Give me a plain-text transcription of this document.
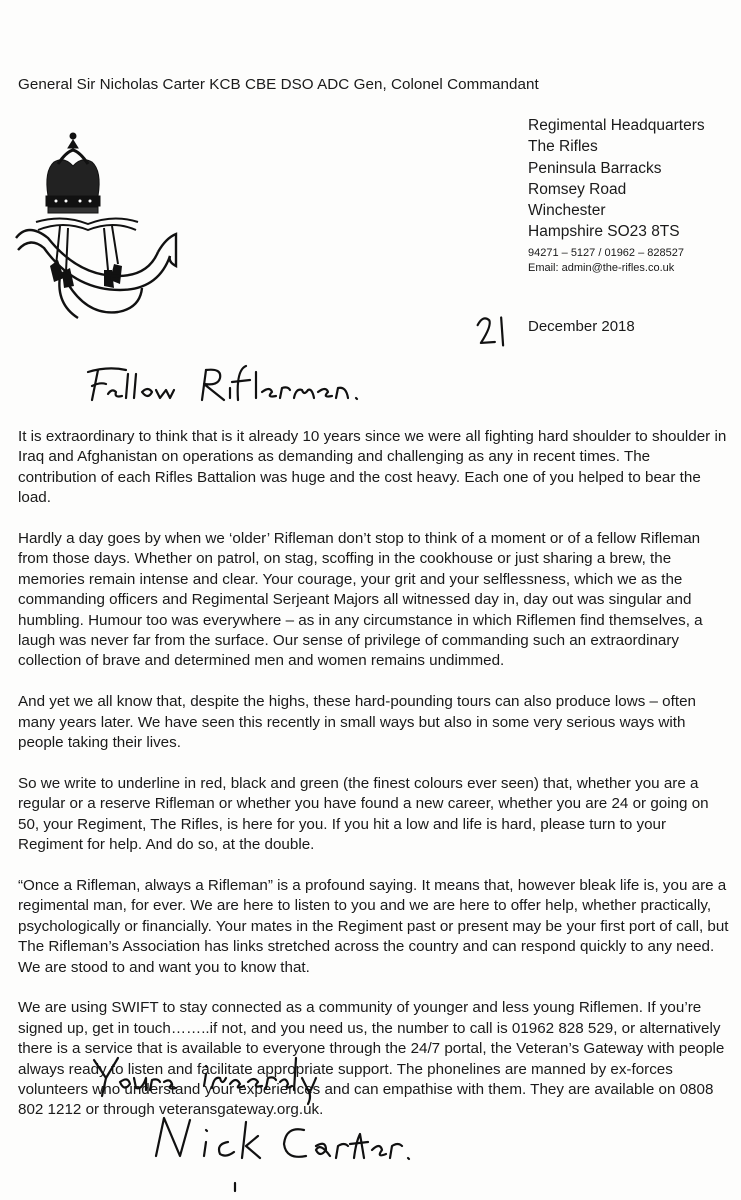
General Sir Nicholas Carter KCB CBE DSO ADC Gen, Colonel Commandant
Regimental Headquarters
The Rifles
Peninsula Barracks
Romsey Road
Winchester
Hampshire SO23 8TS
94271 – 5127 / 01962 – 828527
Email: admin@the-rifles.co.uk
December 2018

It is extraordinary to think that is it already 10 years since we were all fighting hard shoulder to shoulder in Iraq and Afghanistan on operations as demanding and challenging as any in recent times. The contribution of each Rifles Battalion was huge and the cost heavy. Each one of you helped to bear the load.

Hardly a day goes by when we ‘older’ Rifleman don’t stop to think of a moment or of a fellow Rifleman from those days. Whether on patrol, on stag, scoffing in the cookhouse or just sharing a brew, the memories remain intense and clear. Your courage, your grit and your selflessness, which we as the commanding officers and Regimental Serjeant Majors all witnessed day in, day out was singular and humbling. Humour too was everywhere – as in any circumstance in which Riflemen find themselves, a laugh was never far from the surface. Our sense of privilege of commanding such an extraordinary collection of brave and determined men and women remains undimmed.

And yet we all know that, despite the highs, these hard-pounding tours can also produce lows – often many years later. We have seen this recently in small ways but also in some very serious ways with people taking their lives.

So we write to underline in red, black and green (the finest colours ever seen) that, whether you are a regular or a reserve Rifleman or whether you have found a new career, whether you are 24 or going on 50, your Regiment, The Rifles, is here for you. If you hit a low and life is hard, please turn to your Regiment for help. And do so, at the double.

“Once a Rifleman, always a Rifleman” is a profound saying. It means that, however bleak life is, you are a regimental man, for ever. We are here to listen to you and we are here to offer help, whether practically, psychologically or financially. Your mates in the Regiment past or present may be your first port of call, but The Rifleman’s Association has links stretched across the country and can respond quickly to any need. We are stood to and want you to know that.

We are using SWIFT to stay connected as a community of younger and less young Riflemen. If you’re signed up, get in touch……..if not, and you need us, the number to call is 01962 828 529, or alternatively there is a service that is available to everyone through the 24/7 portal, the Veteran’s Gateway with people always ready to listen and facilitate appropriate support. The phonelines are manned by ex-forces volunteers who understand your experiences and can empathise with them. They are available on 0808 802 1212 or through veteransgateway.org.uk.
